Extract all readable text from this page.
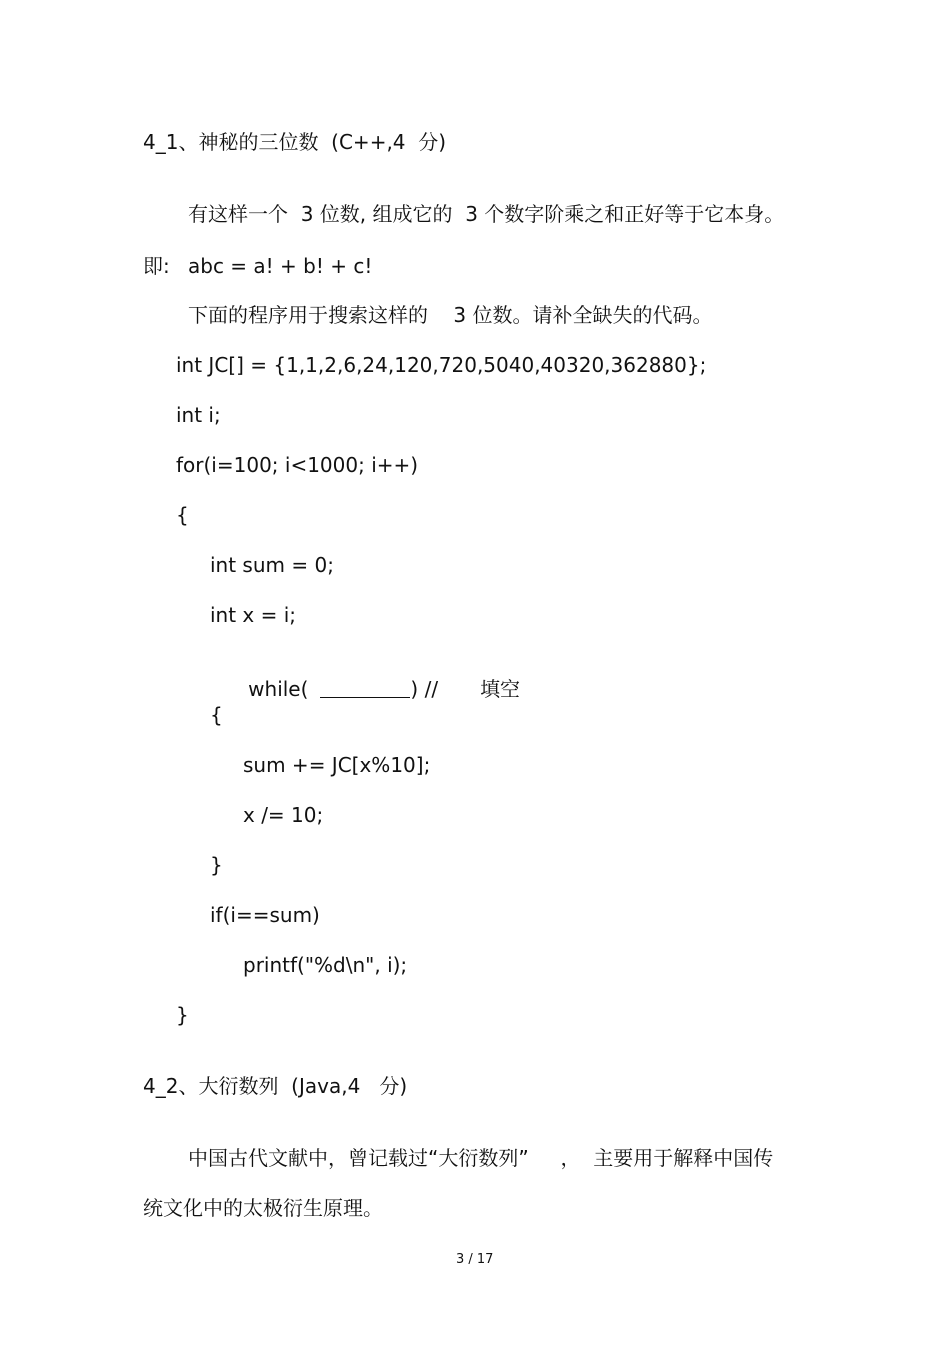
4_1、神秘的三位数  (C++,4  分)
有这样一个  3 位数, 组成它的  3 个数字阶乘之和正好等于它本身。
即: abc = a! + b! + c!
下面的程序用于搜索这样的    3 位数。请补全缺失的代码。
int JC[] = {1,1,2,6,24,120,720,5040,40320,362880};
int i;
for(i=100; i<1000; i++)
{
int sum = 0;
int x = i;

while(	) // 填空

{
sum += JC[x%10];
x /= 10;
}
if(i==sum)
printf("%d\n", i);
}
4_2、大衍数列  (Java,4   分)
中国古代文献中，曾记载过“大衍数列”     ，  主要用于解释中国传
统文化中的太极衍生原理。
3 / 17
